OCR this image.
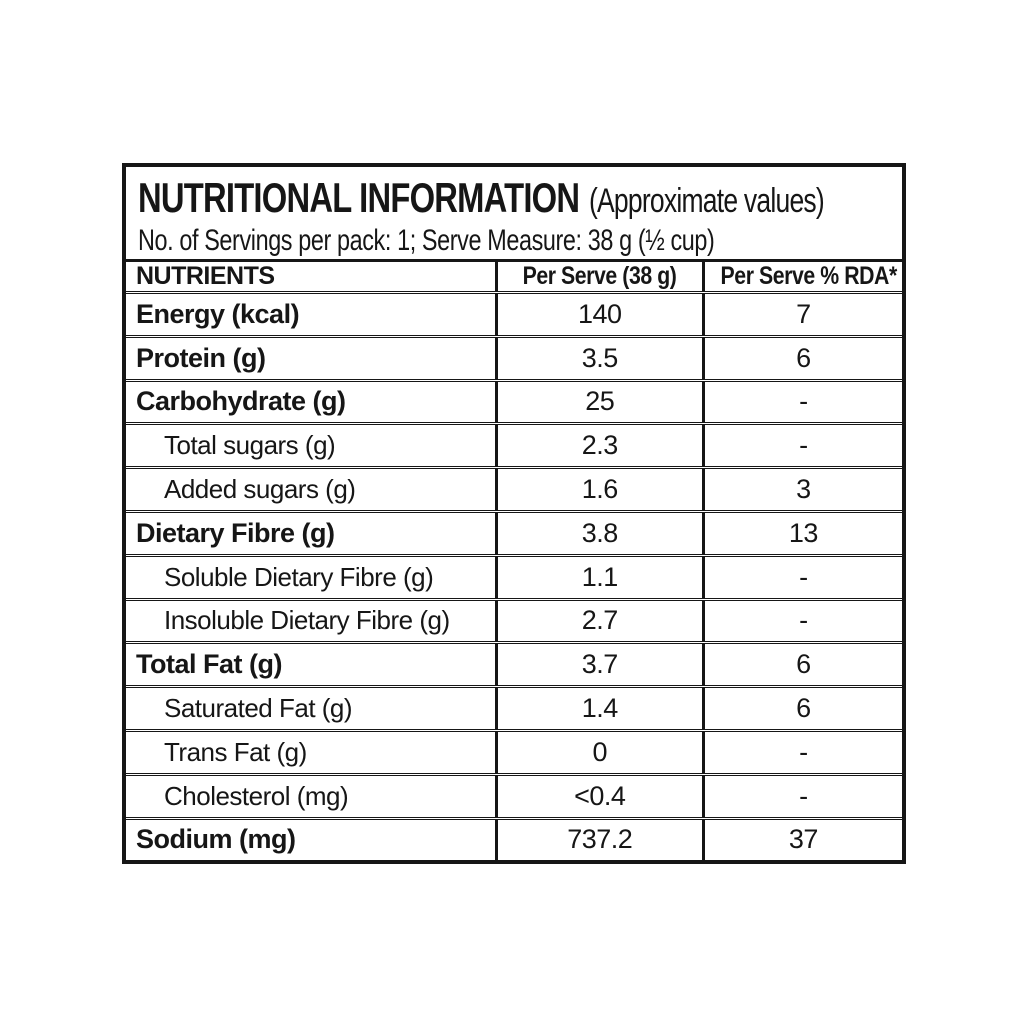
NUTRITIONAL INFORMATION (Approximate values)
No. of Servings per pack: 1; Serve Measure: 38 g (½ cup)
NUTRIENTS	Per Serve (38 g)	Per Serve % RDA*
Energy (kcal)	140	7
Protein (g)	3.5	6
Carbohydrate (g)	25	-
Total sugars (g)	2.3	-
Added sugars (g)	1.6	3
Dietary Fibre (g)	3.8	13
Soluble Dietary Fibre (g)	1.1	-
Insoluble Dietary Fibre (g)	2.7	-
Total Fat (g)	3.7	6
Saturated Fat (g)	1.4	6
Trans Fat (g)	0	-
Cholesterol (mg)	<0.4	-
Sodium (mg)	737.2	37
